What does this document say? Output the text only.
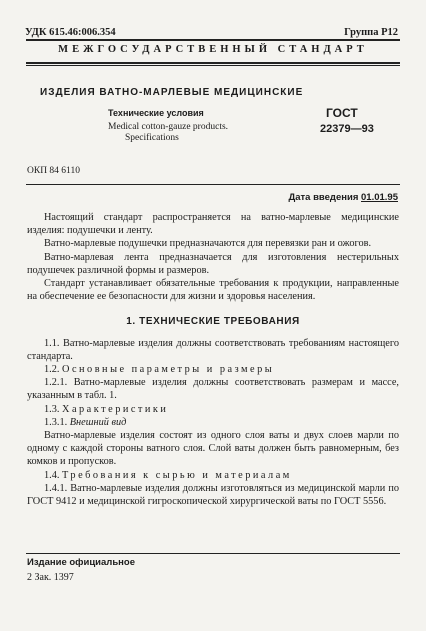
УДК 615.46:006.354	Группа Р12
МЕЖГОСУДАРСТВЕННЫЙ СТАНДАРТ
ИЗДЕЛИЯ ВАТНО-МАРЛЕВЫЕ МЕДИЦИНСКИЕ
Технические условия
Medical cotton-gauze products.
Specifications
ГОСТ
22379—93
ОКП 84 6110
Дата введения 01.01.95

Настоящий стандарт распространяется на ватно-марлевые медицинские изделия: подушечки и ленту.

Ватно-марлевые подушечки предназначаются для перевязки ран и ожогов.

Ватно-марлевая лента предназначается для изготовления нестерильных подушечек различной формы и размеров.

Стандарт устанавливает обязательные требования к продукции, направленные на обеспечение ее безопасности для жизни и здоровья населения.

1. ТЕХНИЧЕСКИЕ ТРЕБОВАНИЯ

1.1. Ватно-марлевые изделия должны соответствовать требованиям настоящего стандарта.

1.2. Основные параметры и размеры

1.2.1. Ватно-марлевые изделия должны соответствовать размерам и массе, указанным в табл. 1.

1.3. Характеристики

1.3.1. Внешний вид

Ватно-марлевые изделия состоят из одного слоя ваты и двух слоев марли по одному с каждой стороны ватного слоя. Слой ваты должен быть равномерным, без комков и пропусков.

1.4. Требования к сырью и материалам

1.4.1. Ватно-марлевые изделия должны изготовляться из медицинской марли по ГОСТ 9412 и медицинской гигроскопической хирургической ваты по ГОСТ 5556.

Издание официальное
2 Зак. 1397
